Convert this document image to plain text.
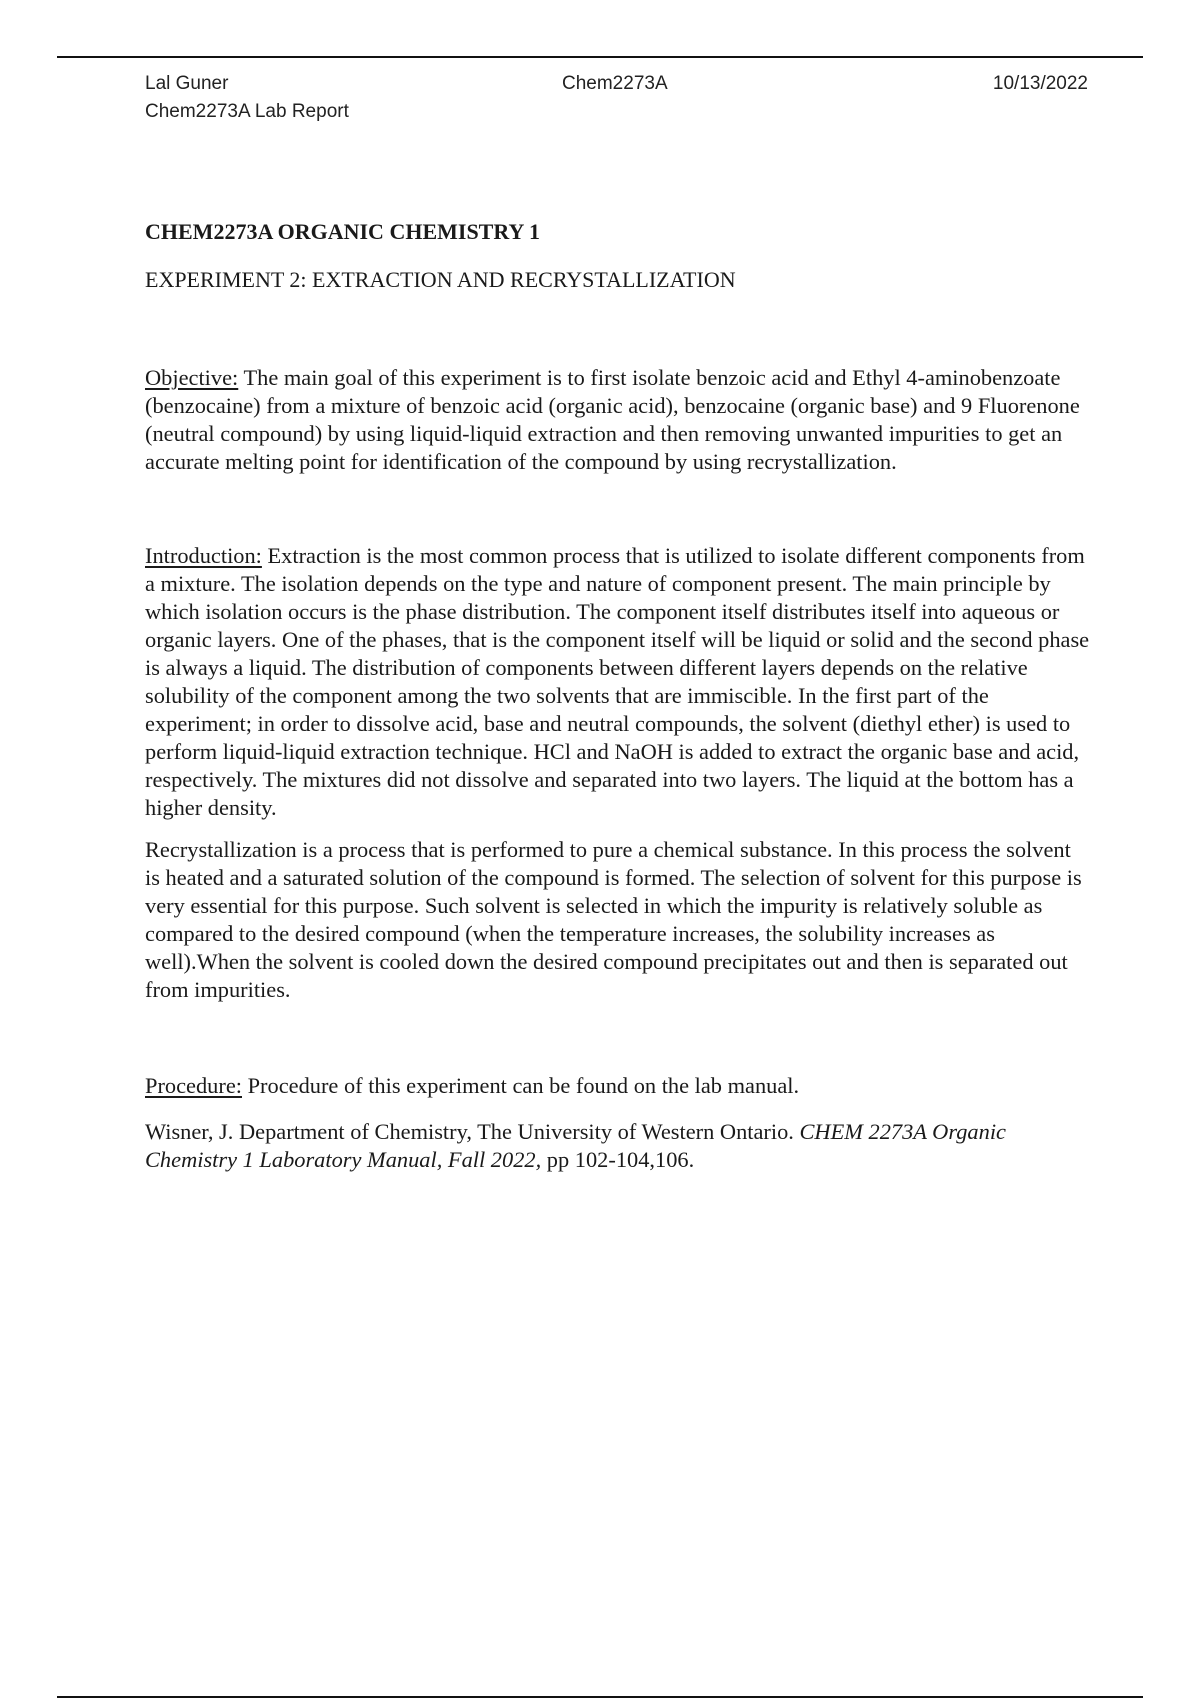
Lal Guner
Chem2273A Lab Report
Chem2273A	10/13/2022

CHEM2273A ORGANIC CHEMISTRY 1

EXPERIMENT 2: EXTRACTION AND RECRYSTALLIZATION

Objective: The main goal of this experiment is to first isolate benzoic acid and Ethyl 4-aminobenzoate (benzocaine) from a mixture of benzoic acid (organic acid), benzocaine (organic base) and 9 Fluorenone (neutral compound) by using liquid-liquid extraction and then removing unwanted impurities to get an accurate melting point for identification of the compound by using recrystallization.

Introduction: Extraction is the most common process that is utilized to isolate different components from a mixture. The isolation depends on the type and nature of component present. The main principle by which isolation occurs is the phase distribution. The component itself distributes itself into aqueous or organic layers. One of the phases, that is the component itself will be liquid or solid and the second phase is always a liquid. The distribution of components between different layers depends on the relative solubility of the component among the two solvents that are immiscible. In the first part of the experiment; in order to dissolve acid, base and neutral compounds, the solvent (diethyl ether) is used to perform liquid-liquid extraction technique. HCl and NaOH is added to extract the organic base and acid, respectively. The mixtures did not dissolve and separated into two layers. The liquid at the bottom has a higher density.

Recrystallization is a process that is performed to pure a chemical substance. In this process the solvent is heated and a saturated solution of the compound is formed. The selection of solvent for this purpose is very essential for this purpose. Such solvent is selected in which the impurity is relatively soluble as compared to the desired compound (when the temperature increases, the solubility increases as well).When the solvent is cooled down the desired compound precipitates out and then is separated out from impurities.

Procedure: Procedure of this experiment can be found on the lab manual.

Wisner, J. Department of Chemistry, The University of Western Ontario. CHEM 2273A Organic Chemistry 1 Laboratory Manual, Fall 2022, pp 102-104,106.
